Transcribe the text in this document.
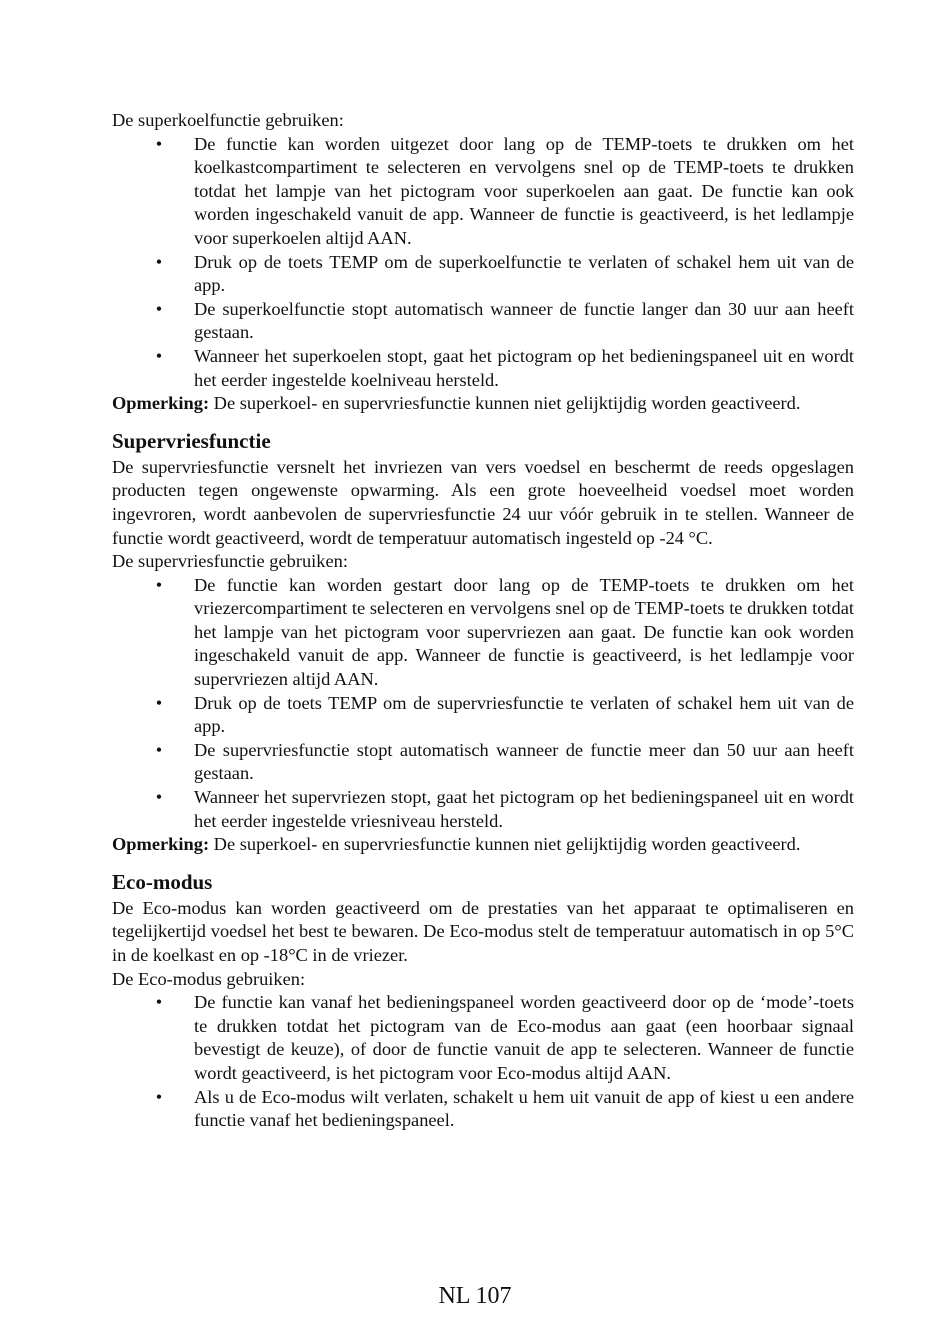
De superkoelfunctie gebruiken:

• De functie kan worden uitgezet door lang op de TEMP-toets te drukken om het koelkastcompartiment te selecteren en vervolgens snel op de TEMP-toets te drukken totdat het lampje van het pictogram voor superkoelen aan gaat. De functie kan ook worden ingeschakeld vanuit de app. Wanneer de functie is geactiveerd, is het ledlampje voor superkoelen altijd AAN.
• Druk op de toets TEMP om de superkoelfunctie te verlaten of schakel hem uit van de app.
• De superkoelfunctie stopt automatisch wanneer de functie langer dan 30 uur aan heeft gestaan.
• Wanneer het superkoelen stopt, gaat het pictogram op het bedieningspaneel uit en wordt het eerder ingestelde koelniveau hersteld.

Opmerking: De superkoel- en supervriesfunctie kunnen niet gelijktijdig worden geactiveerd.

Supervriesfunctie

De supervriesfunctie versnelt het invriezen van vers voedsel en beschermt de reeds opgeslagen producten tegen ongewenste opwarming. Als een grote hoeveelheid voedsel moet worden ingevroren, wordt aanbevolen de supervriesfunctie 24 uur vóór gebruik in te stellen. Wanneer de functie wordt geactiveerd, wordt de temperatuur automatisch ingesteld op -24 °C.

De supervriesfunctie gebruiken:

• De functie kan worden gestart door lang op de TEMP-toets te drukken om het vriezercompartiment te selecteren en vervolgens snel op de TEMP-toets te drukken totdat het lampje van het pictogram voor supervriezen aan gaat. De functie kan ook worden ingeschakeld vanuit de app. Wanneer de functie is geactiveerd, is het ledlampje voor supervriezen altijd AAN.
• Druk op de toets TEMP om de supervriesfunctie te verlaten of schakel hem uit van de app.
• De supervriesfunctie stopt automatisch wanneer de functie meer dan 50 uur aan heeft gestaan.
• Wanneer het supervriezen stopt, gaat het pictogram op het bedieningspaneel uit en wordt het eerder ingestelde vriesniveau hersteld.

Opmerking: De superkoel- en supervriesfunctie kunnen niet gelijktijdig worden geactiveerd.

Eco-modus

De Eco-modus kan worden geactiveerd om de prestaties van het apparaat te optimaliseren en tegelijkertijd voedsel het best te bewaren. De Eco-modus stelt de temperatuur automatisch in op 5°C in de koelkast en op -18°C in de vriezer.

De Eco-modus gebruiken:

• De functie kan vanaf het bedieningspaneel worden geactiveerd door op de ‘mode’-toets te drukken totdat het pictogram van de Eco-modus aan gaat (een hoorbaar signaal bevestigt de keuze), of door de functie vanuit de app te selecteren. Wanneer de functie wordt geactiveerd, is het pictogram voor Eco-modus altijd AAN.
• Als u de Eco-modus wilt verlaten, schakelt u hem uit vanuit de app of kiest u een andere functie vanaf het bedieningspaneel.
NL 107
